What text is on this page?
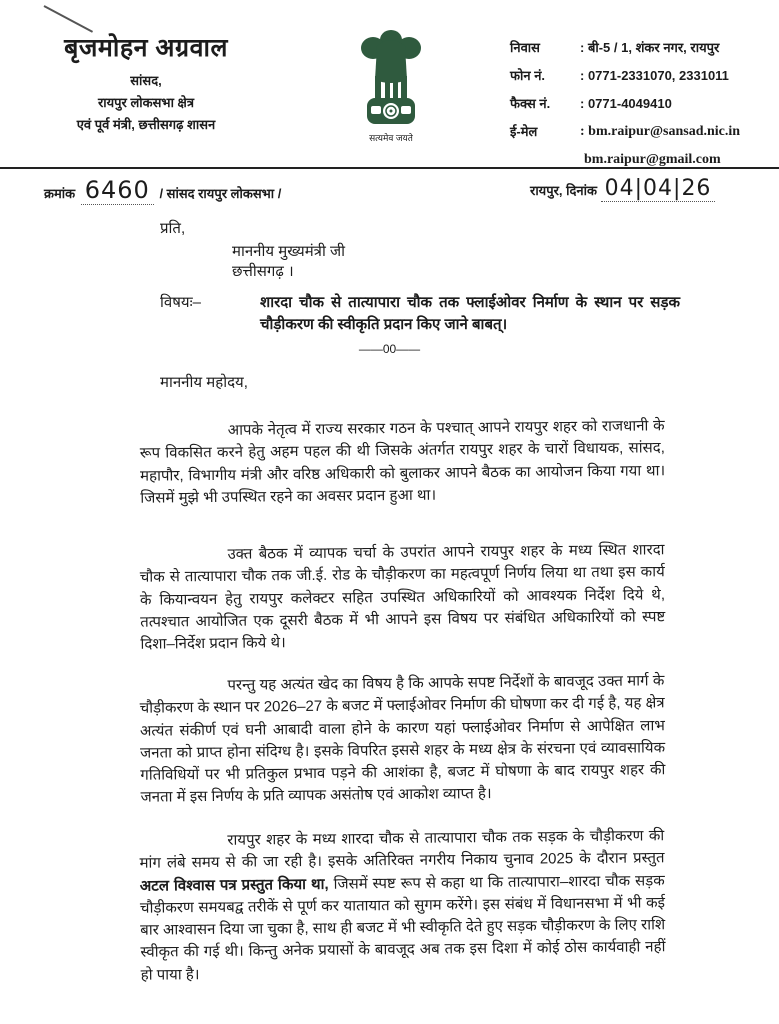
बृजमोहन अग्रवाल
सांसद,
रायपुर लोकसभा क्षेत्र
एवं पूर्व मंत्री, छत्तीसगढ़ शासन
सत्यमेव जयते
निवास	: बी-5 / 1, शंकर नगर, रायपुर
फोन नं.	: 0771-2331070, 2331011
फैक्स नं.	: 0771-4049410
ई-मेल	: bm.raipur@sansad.nic.in
bm.raipur@gmail.com
क्रमांक 6460 / सांसद रायपुर लोकसभा /	रायपुर, दिनांक 04|04|26
प्रति,
माननीय मुख्यमंत्री जी
छत्तीसगढ़ ।
विषयः–	शारदा चौक से तात्यापारा चौक तक फ्लाईओवर निर्माण के स्थान पर सड़क चौड़ीकरण की स्वीकृति प्रदान किए जाने बाबत्।
——00——
माननीय महोदय,
आपके नेतृत्व में राज्य सरकार गठन के पश्चात् आपने रायपुर शहर को राजधानी के रूप विकसित करने हेतु अहम पहल की थी जिसके अंतर्गत रायपुर शहर के चारों विधायक, सांसद, महापौर, विभागीय मंत्री और वरिष्ठ अधिकारी को बुलाकर आपने बैठक का आयोजन किया गया था। जिसमें मुझे भी उपस्थित रहने का अवसर प्रदान हुआ था।
उक्त बैठक में व्यापक चर्चा के उपरांत आपने रायपुर शहर के मध्य स्थित शारदा चौक से तात्यापारा चौक तक जी.ई. रोड के चौड़ीकरण का महत्वपूर्ण निर्णय लिया था तथा इस कार्य के कियान्वयन हेतु रायपुर कलेक्टर सहित उपस्थित अधिकारियों को आवश्यक निर्देश दिये थे, तत्पश्चात आयोजित एक दूसरी बैठक में भी आपने इस विषय पर संबंधित अधिकारियों को स्पष्ट दिशा–निर्देश प्रदान किये थे।
परन्तु यह अत्यंत खेद का विषय है कि आपके सपष्ट निर्देशों के बावजूद उक्त मार्ग के चौड़ीकरण के स्थान पर 2026–27 के बजट में फ्लाईओवर निर्माण की घोषणा कर दी गई है, यह क्षेत्र अत्यंत संकीर्ण एवं घनी आबादी वाला होने के कारण यहां फ्लाईओवर निर्माण से आपेक्षित लाभ जनता को प्राप्त होना संदिग्ध है। इसके विपरित इससे शहर के मध्य क्षेत्र के संरचना एवं व्यावसायिक गतिविधियों पर भी प्रतिकुल प्रभाव पड़ने की आशंका है, बजट में घोषणा के बाद रायपुर शहर की जनता में इस निर्णय के प्रति व्यापक असंतोष एवं आकोश व्याप्त है।
रायपुर शहर के मध्य शारदा चौक से तात्यापारा चौक तक सड़क के चौड़ीकरण की मांग लंबे समय से की जा रही है। इसके अतिरिक्त नगरीय निकाय चुनाव 2025 के दौरान प्रस्तुत अटल विश्वास पत्र प्रस्तुत किया था, जिसमें स्पष्ट रूप से कहा था कि तात्यापारा–शारदा चौक सड़क चौड़ीकरण समयबद्व तरीकें से पूर्ण कर यातायात को सुगम करेंगे। इस संबंध में विधानसभा में भी कई बार आश्वासन दिया जा चुका है, साथ ही बजट में भी स्वीकृति देते हुए सड़क चौड़ीकरण के लिए राशि स्वीकृत की गई थी। किन्तु अनेक प्रयासों के बावजूद अब तक इस दिशा में कोई ठोस कार्यवाही नहीं हो पाया है।
